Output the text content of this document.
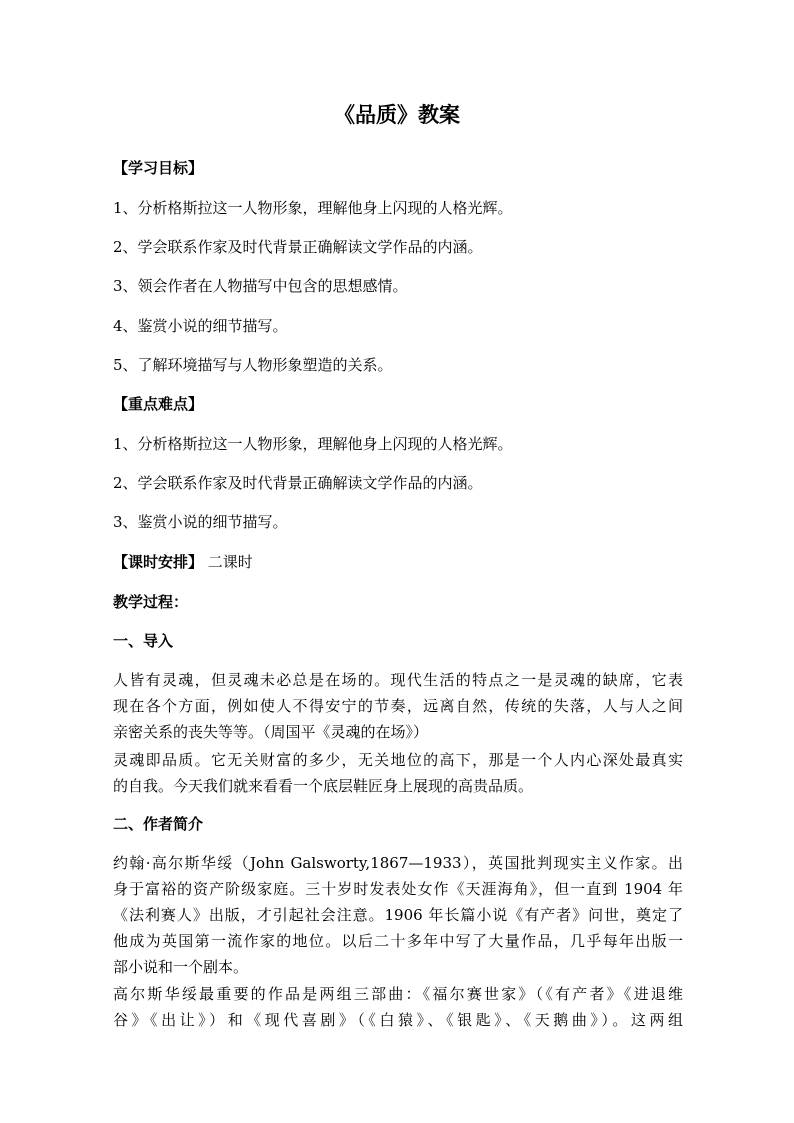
《品质》教案

【学习目标】

1、分析格斯拉这一人物形象，理解他身上闪现的人格光辉。

2、学会联系作家及时代背景正确解读文学作品的内涵。

3、领会作者在人物描写中包含的思想感情。

4、鉴赏小说的细节描写。

5、了解环境描写与人物形象塑造的关系。

【重点难点】

1、分析格斯拉这一人物形象，理解他身上闪现的人格光辉。

2、学会联系作家及时代背景正确解读文学作品的内涵。

3、鉴赏小说的细节描写。

【课时安排】 二课时

教学过程：

一、导入

人皆有灵魂，但灵魂未必总是在场的。现代生活的特点之一是灵魂的缺席，它表
现在各个方面，例如使人不得安宁的节奏，远离自然，传统的失落，人与人之间
亲密关系的丧失等等。（周国平《灵魂的在场》）

灵魂即品质。它无关财富的多少，无关地位的高下，那是一个人内心深处最真实
的自我。今天我们就来看看一个底层鞋匠身上展现的高贵品质。

二、作者简介

约翰·高尔斯华绥（John Galsworty,1867—1933），英国批判现实主义作家。出
身于富裕的资产阶级家庭。三十岁时发表处女作《天涯海角》，但一直到 1904 年
《法利赛人》出版，才引起社会注意。1906 年长篇小说《有产者》问世，奠定了
他成为英国第一流作家的地位。以后二十多年中写了大量作品，几乎每年出版一
部小说和一个剧本。

高尔斯华绥最重要的作品是两组三部曲：《福尔赛世家》（《有产者》《进退维
谷》《出让》）和《现代喜剧》（《白猿》、《银匙》、《天鹅曲》）。这两组
